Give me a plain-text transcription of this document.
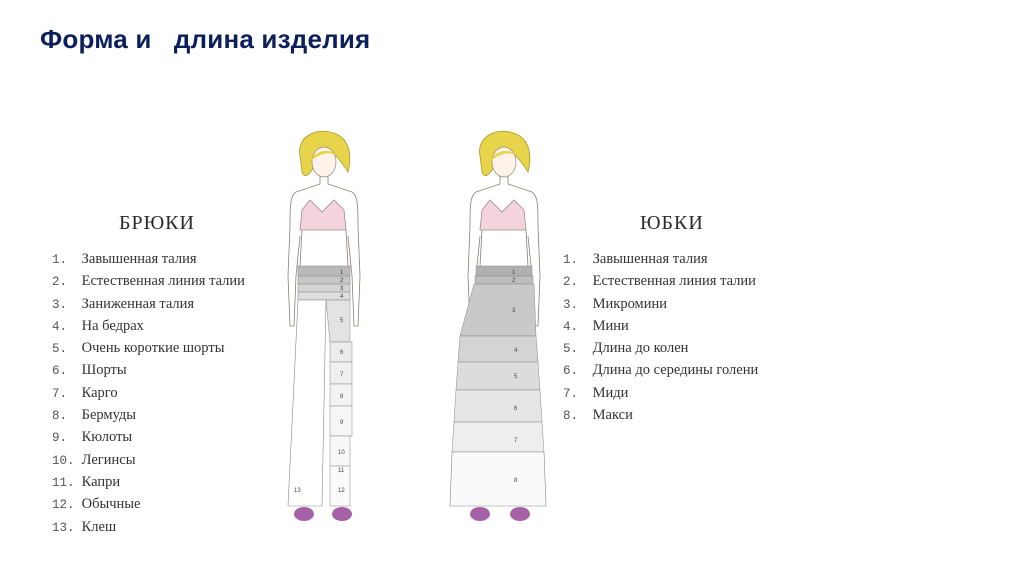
Форма и   длина изделия
БРЮКИ
1. Завышенная талия
2. Естественная линия талии
3. Заниженная талия
4. На бедрах
5. Очень короткие шорты
6. Шорты
7. Карго
8. Бермуды
9. Кюлоты
10. Легинсы
11. Капри
12. Обычные
13. Клеш
ЮБКИ
1. Завышенная талия
2. Естественная линия талии
3. Микромини
4. Мини
5. Длина до колен
6. Длина до середины голени
7. Миди
8. Макси
1
2
3
4
5
6
7
8
9
10
11
12
13
1
2
3
4
5
6
7
8
